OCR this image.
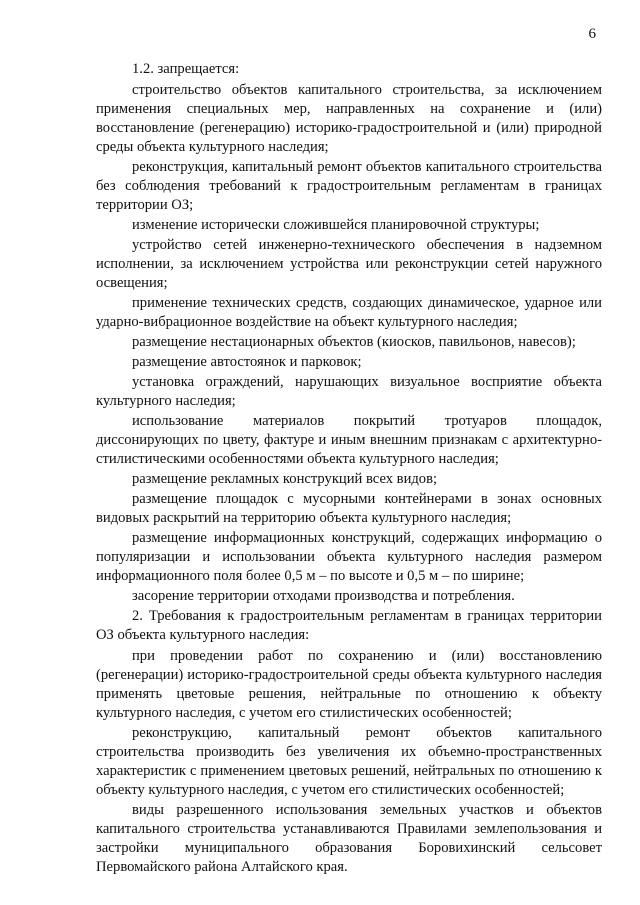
6

1.2. запрещается:

строительство объектов капитального строительства, за исключением применения специальных мер, направленных на сохранение и (или) восстановление (регенерацию) историко-градостроительной и (или) природной среды объекта культурного наследия;

реконструкция, капитальный ремонт объектов капитального строительства без соблюдения требований к градостроительным регламентам в границах территории ОЗ;

изменение исторически сложившейся планировочной структуры;

устройство сетей инженерно-технического обеспечения в надземном исполнении, за исключением устройства или реконструкции сетей наружного освещения;

применение технических средств, создающих динамическое, ударное или ударно-вибрационное воздействие на объект культурного наследия;

размещение нестационарных объектов (киосков, павильонов, навесов);

размещение автостоянок и парковок;

установка ограждений, нарушающих визуальное восприятие объекта культурного наследия;

использование материалов покрытий тротуаров площадок, диссонирующих по цвету, фактуре и иным внешним признакам с архитектурно-стилистическими особенностями объекта культурного наследия;

размещение рекламных конструкций всех видов;

размещение площадок с мусорными контейнерами в зонах основных видовых раскрытий на территорию объекта культурного наследия;

размещение информационных конструкций, содержащих информацию о популяризации и использовании объекта культурного наследия размером информационного поля более 0,5 м – по высоте и 0,5 м – по ширине;

засорение территории отходами производства и потребления.

2. Требования к градостроительным регламентам в границах территории ОЗ объекта культурного наследия:

при проведении работ по сохранению и (или) восстановлению (регенерации) историко-градостроительной среды объекта культурного наследия применять цветовые решения, нейтральные по отношению к объекту культурного наследия, с учетом его стилистических особенностей;

реконструкцию, капитальный ремонт объектов капитального строительства производить без увеличения их объемно-пространственных характеристик с применением цветовых решений, нейтральных по отношению к объекту культурного наследия, с учетом его стилистических особенностей;

виды разрешенного использования земельных участков и объектов капитального строительства устанавливаются Правилами землепользования и застройки муниципального образования Боровихинский сельсовет Первомайского района Алтайского края.
